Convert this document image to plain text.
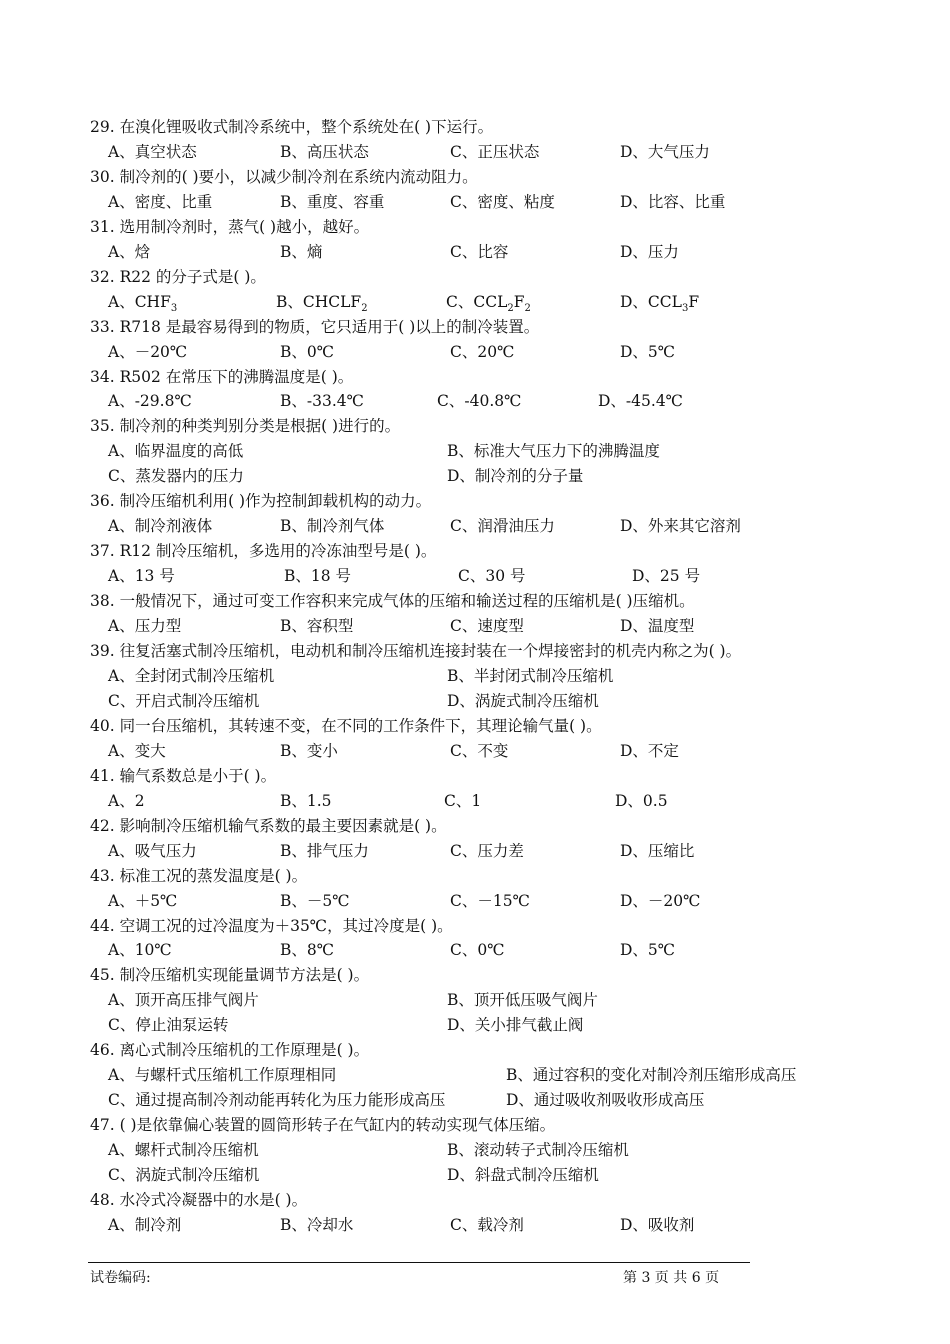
29. 在溴化锂吸收式制冷系统中，整个系统处在( )下运行。
A、真空状态	B、高压状态	C、正压状态	D、大气压力
30. 制冷剂的( )要小，以减少制冷剂在系统内流动阻力。
A、密度、比重	B、重度、容重	C、密度、粘度	D、比容、比重
31. 选用制冷剂时，蒸气( )越小，越好。
A、焓	B、熵	C、比容	D、压力
32. R22 的分子式是( )。
A、$CHF_3$	B、$CHCLF_2$	C、$CCL_2F_2$	D、$CCL_3F$
33. R718 是最容易得到的物质，它只适用于( )以上的制冷装置。
A、－20℃	B、0℃	C、20℃	D、5℃
34. R502 在常压下的沸腾温度是( )。
A、-29.8℃	B、-33.4℃	C、-40.8℃	D、-45.4℃
35. 制冷剂的种类判别分类是根据( )进行的。
A、临界温度的高低	B、标准大气压力下的沸腾温度
C、蒸发器内的压力	D、制冷剂的分子量
36. 制冷压缩机利用( )作为控制卸载机构的动力。
A、制冷剂液体	B、制冷剂气体	C、润滑油压力	D、外来其它溶剂
37. R12 制冷压缩机，多选用的冷冻油型号是( )。
A、13 号	B、18 号	C、30 号	D、25 号
38. 一般情况下，通过可变工作容积来完成气体的压缩和输送过程的压缩机是( )压缩机。
A、压力型	B、容积型	C、速度型	D、温度型
39. 往复活塞式制冷压缩机，电动机和制冷压缩机连接封装在一个焊接密封的机壳内称之为( )。
A、全封闭式制冷压缩机	B、半封闭式制冷压缩机
C、开启式制冷压缩机	D、涡旋式制冷压缩机
40. 同一台压缩机，其转速不变，在不同的工作条件下，其理论输气量( )。
A、变大	B、变小	C、不变	D、不定
41. 输气系数总是小于( )。
A、2	B、1.5	C、1	D、0.5
42. 影响制冷压缩机输气系数的最主要因素就是( )。
A、吸气压力	B、排气压力	C、压力差	D、压缩比
43. 标准工况的蒸发温度是( )。
A、＋5℃	B、－5℃	C、－15℃	D、－20℃
44. 空调工况的过冷温度为＋35℃，其过冷度是( )。
A、10℃	B、8℃	C、0℃	D、5℃
45. 制冷压缩机实现能量调节方法是( )。
A、顶开高压排气阀片	B、顶开低压吸气阀片
C、停止油泵运转	D、关小排气截止阀
46. 离心式制冷压缩机的工作原理是( )。
A、与螺杆式压缩机工作原理相同	B、通过容积的变化对制冷剂压缩形成高压
C、通过提高制冷剂动能再转化为压力能形成高压	D、通过吸收剂吸收形成高压
47. ( )是依靠偏心装置的圆筒形转子在气缸内的转动实现气体压缩。
A、螺杆式制冷压缩机	B、滚动转子式制冷压缩机
C、涡旋式制冷压缩机	D、斜盘式制冷压缩机
48. 水冷式冷凝器中的水是( )。
A、制冷剂	B、冷却水	C、载冷剂	D、吸收剂
试卷编码:	第 3 页 共 6 页
